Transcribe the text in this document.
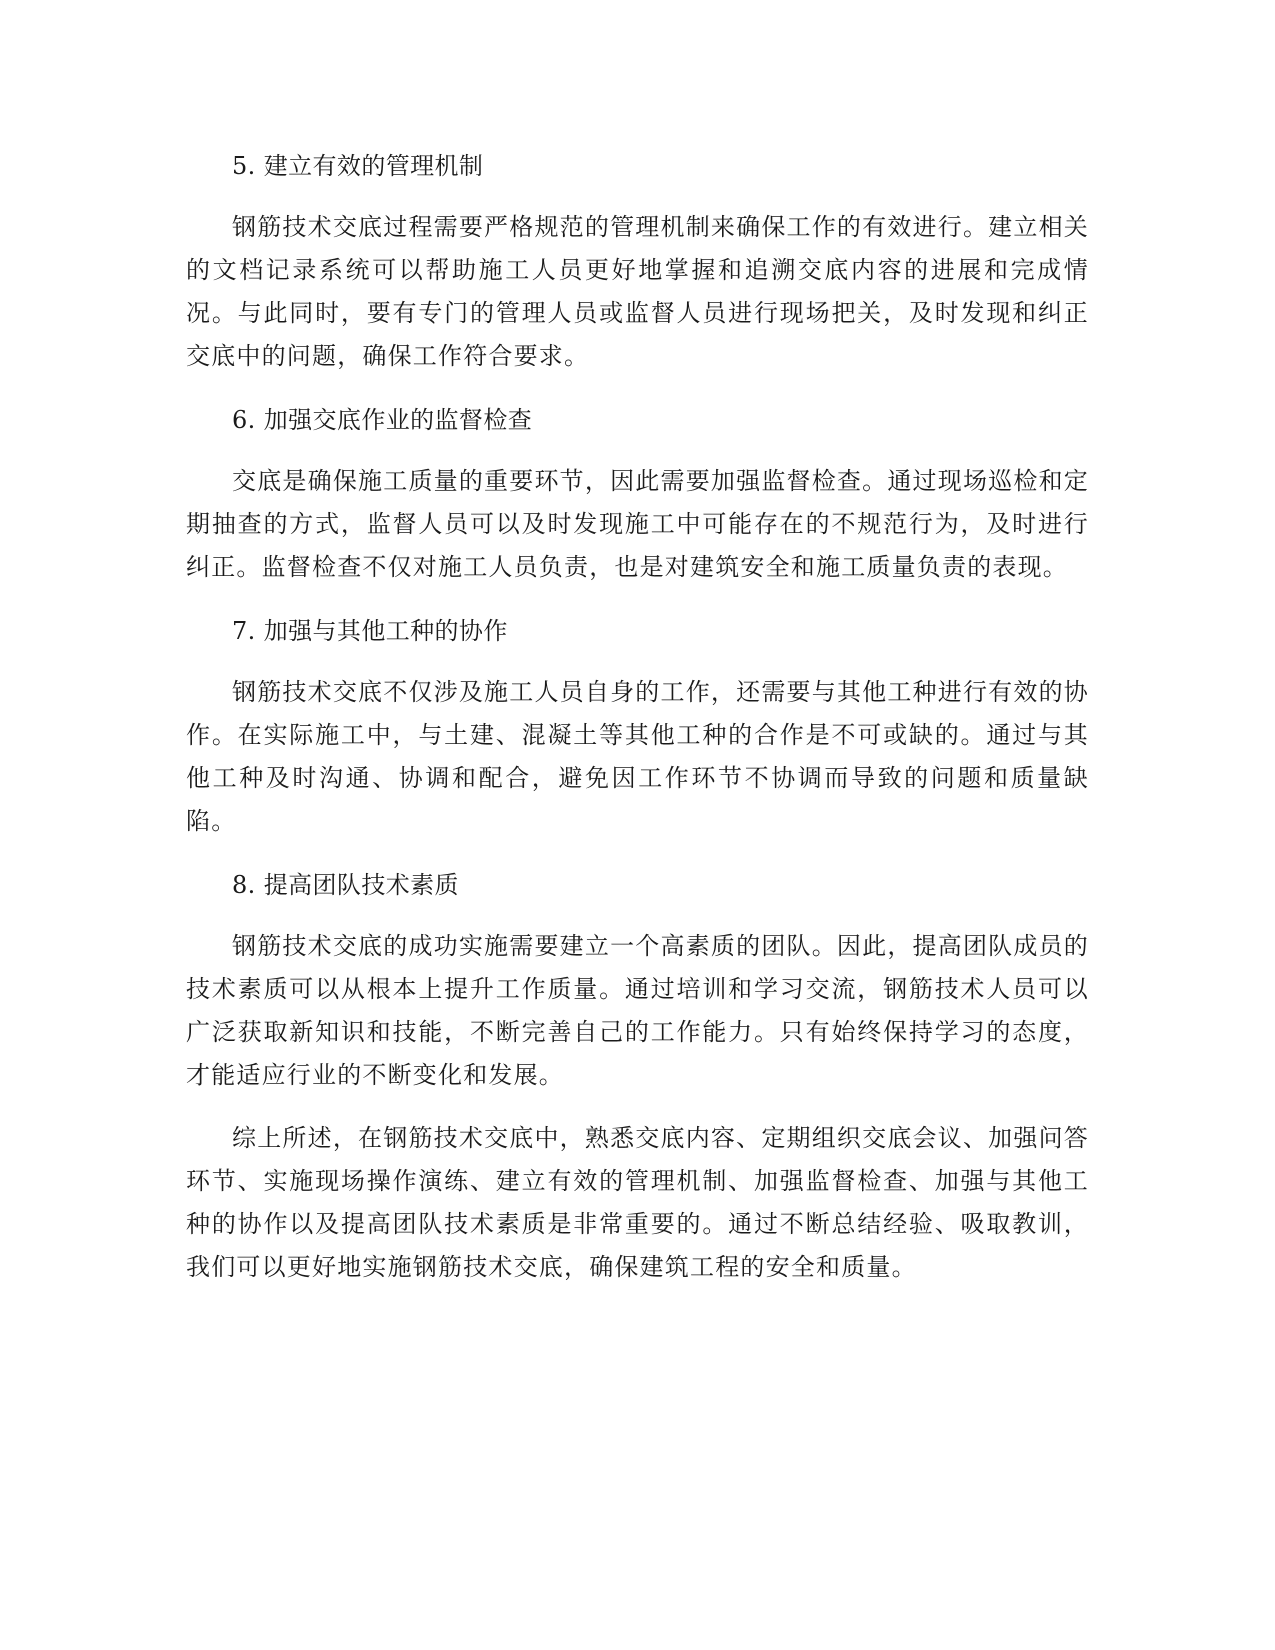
5. 建立有效的管理机制

钢筋技术交底过程需要严格规范的管理机制来确保工作的有效进行。建立相关的文档记录系统可以帮助施工人员更好地掌握和追溯交底内容的进展和完成情况。与此同时，要有专门的管理人员或监督人员进行现场把关，及时发现和纠正交底中的问题，确保工作符合要求。

6. 加强交底作业的监督检查

交底是确保施工质量的重要环节，因此需要加强监督检查。通过现场巡检和定期抽查的方式，监督人员可以及时发现施工中可能存在的不规范行为，及时进行纠正。监督检查不仅对施工人员负责，也是对建筑安全和施工质量负责的表现。

7. 加强与其他工种的协作

钢筋技术交底不仅涉及施工人员自身的工作，还需要与其他工种进行有效的协作。在实际施工中，与土建、混凝土等其他工种的合作是不可或缺的。通过与其他工种及时沟通、协调和配合，避免因工作环节不协调而导致的问题和质量缺陷。

8. 提高团队技术素质

钢筋技术交底的成功实施需要建立一个高素质的团队。因此，提高团队成员的技术素质可以从根本上提升工作质量。通过培训和学习交流，钢筋技术人员可以广泛获取新知识和技能，不断完善自己的工作能力。只有始终保持学习的态度，才能适应行业的不断变化和发展。

综上所述，在钢筋技术交底中，熟悉交底内容、定期组织交底会议、加强问答环节、实施现场操作演练、建立有效的管理机制、加强监督检查、加强与其他工种的协作以及提高团队技术素质是非常重要的。通过不断总结经验、吸取教训，我们可以更好地实施钢筋技术交底，确保建筑工程的安全和质量。
